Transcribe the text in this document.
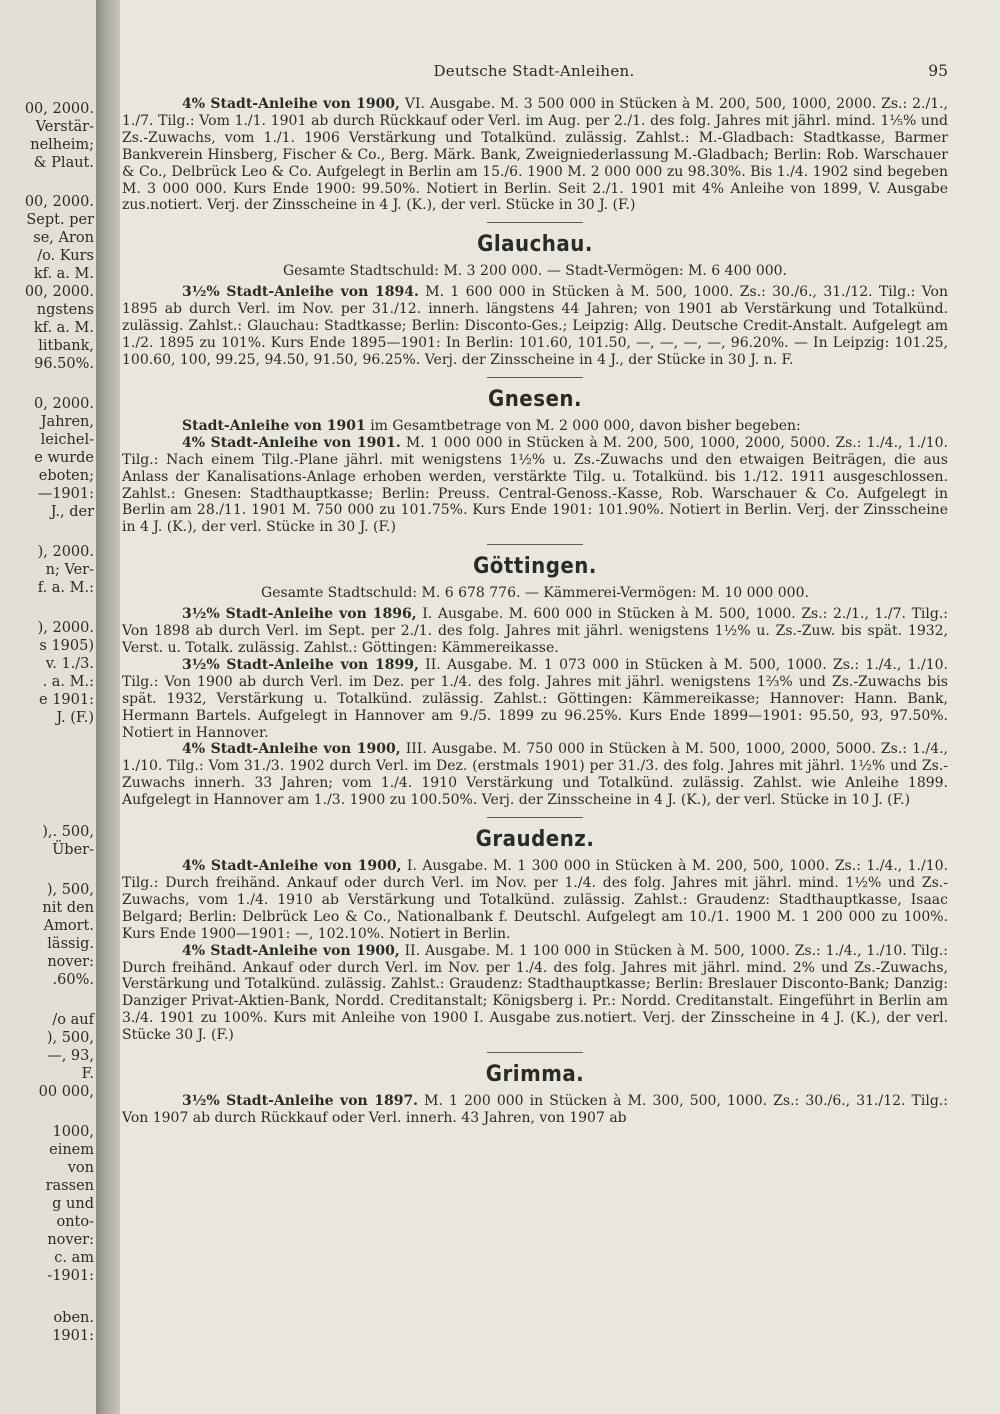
00, 2000.
Verstär-
nelheim;
& Plaut.
00, 2000.
Sept. per
se, Aron
/o. Kurs
kf. a. M.
00, 2000.
ngstens
kf. a. M.
litbank,
96.50%.
0, 2000.
Jahren,
leichel-
e wurde
eboten;
—1901:
J., der
), 2000.
n; Ver-
f. a. M.:
), 2000.
s 1905)
v. 1./3.
. a. M.:
e 1901:
J. (F.)
),. 500,
Über-
), 500,
nit den
Amort.
lässig.
nover:
.60%.
/o auf
), 500,
—, 93,
F.
00 000,
1000,
einem
von
rassen
g und
onto-
nover:
c. am
-1901:
oben.
1901:
Deutsche Stadt-Anleihen.	95

4% Stadt-Anleihe von 1900, VI. Ausgabe. M. 3 500 000 in Stücken à M. 200, 500, 1000, 2000. Zs.: 2./1., 1./7. Tilg.: Vom 1./1. 1901 ab durch Rückkauf oder Verl. im Aug. per 2./1. des folg. Jahres mit jährl. mind. 1⅕% und Zs.-Zuwachs, vom 1./1. 1906 Verstärkung und Totalkünd. zulässig. Zahlst.: M.-Gladbach: Stadtkasse, Barmer Bankverein Hinsberg, Fischer & Co., Berg. Märk. Bank, Zweigniederlassung M.-Gladbach; Berlin: Rob. Warschauer & Co., Delbrück Leo & Co. Aufgelegt in Berlin am 15./6. 1900 M. 2 000 000 zu 98.30%. Bis 1./4. 1902 sind begeben M. 3 000 000. Kurs Ende 1900: 99.50%. Notiert in Berlin. Seit 2./1. 1901 mit 4% Anleihe von 1899, V. Ausgabe zus.notiert. Verj. der Zinsscheine in 4 J. (K.), der verl. Stücke in 30 J. (F.)

Glauchau.
Gesamte Stadtschuld: M. 3 200 000. — Stadt-Vermögen: M. 6 400 000.

3½% Stadt-Anleihe von 1894. M. 1 600 000 in Stücken à M. 500, 1000. Zs.: 30./6., 31./12. Tilg.: Von 1895 ab durch Verl. im Nov. per 31./12. innerh. längstens 44 Jahren; von 1901 ab Verstärkung und Totalkünd. zulässig. Zahlst.: Glauchau: Stadtkasse; Berlin: Disconto-Ges.; Leipzig: Allg. Deutsche Credit-Anstalt. Aufgelegt am 1./2. 1895 zu 101%. Kurs Ende 1895—1901: In Berlin: 101.60, 101.50, —, —, —, —, 96.20%. — In Leipzig: 101.25, 100.60, 100, 99.25, 94.50, 91.50, 96.25%. Verj. der Zinsscheine in 4 J., der Stücke in 30 J. n. F.

Gnesen.

Stadt-Anleihe von 1901 im Gesamtbetrage von M. 2 000 000, davon bisher begeben:

4% Stadt-Anleihe von 1901. M. 1 000 000 in Stücken à M. 200, 500, 1000, 2000, 5000. Zs.: 1./4., 1./10. Tilg.: Nach einem Tilg.-Plane jährl. mit wenigstens 1½% u. Zs.-Zuwachs und den etwaigen Beiträgen, die aus Anlass der Kanalisations-Anlage erhoben werden, verstärkte Tilg. u. Totalkünd. bis 1./12. 1911 ausgeschlossen. Zahlst.: Gnesen: Stadthauptkasse; Berlin: Preuss. Central-Genoss.-Kasse, Rob. Warschauer & Co. Aufgelegt in Berlin am 28./11. 1901 M. 750 000 zu 101.75%. Kurs Ende 1901: 101.90%. Notiert in Berlin. Verj. der Zinsscheine in 4 J. (K.), der verl. Stücke in 30 J. (F.)

Göttingen.
Gesamte Stadtschuld: M. 6 678 776. — Kämmerei-Vermögen: M. 10 000 000.

3½% Stadt-Anleihe von 1896, I. Ausgabe. M. 600 000 in Stücken à M. 500, 1000. Zs.: 2./1., 1./7. Tilg.: Von 1898 ab durch Verl. im Sept. per 2./1. des folg. Jahres mit jährl. wenigstens 1½% u. Zs.-Zuw. bis spät. 1932, Verst. u. Totalk. zulässig. Zahlst.: Göttingen: Kämmereikasse.

3½% Stadt-Anleihe von 1899, II. Ausgabe. M. 1 073 000 in Stücken à M. 500, 1000. Zs.: 1./4., 1./10. Tilg.: Von 1900 ab durch Verl. im Dez. per 1./4. des folg. Jahres mit jährl. wenigstens 1⅔% und Zs.-Zuwachs bis spät. 1932, Verstärkung u. Totalkünd. zulässig. Zahlst.: Göttingen: Kämmereikasse; Hannover: Hann. Bank, Hermann Bartels. Aufgelegt in Hannover am 9./5. 1899 zu 96.25%. Kurs Ende 1899—1901: 95.50, 93, 97.50%. Notiert in Hannover.

4% Stadt-Anleihe von 1900, III. Ausgabe. M. 750 000 in Stücken à M. 500, 1000, 2000, 5000. Zs.: 1./4., 1./10. Tilg.: Vom 31./3. 1902 durch Verl. im Dez. (erstmals 1901) per 31./3. des folg. Jahres mit jährl. 1½% und Zs.-Zuwachs innerh. 33 Jahren; vom 1./4. 1910 Verstärkung und Totalkünd. zulässig. Zahlst. wie Anleihe 1899. Aufgelegt in Hannover am 1./3. 1900 zu 100.50%. Verj. der Zinsscheine in 4 J. (K.), der verl. Stücke in 10 J. (F.)

Graudenz.

4% Stadt-Anleihe von 1900, I. Ausgabe. M. 1 300 000 in Stücken à M. 200, 500, 1000. Zs.: 1./4., 1./10. Tilg.: Durch freihänd. Ankauf oder durch Verl. im Nov. per 1./4. des folg. Jahres mit jährl. mind. 1½% und Zs.-Zuwachs, vom 1./4. 1910 ab Verstärkung und Totalkünd. zulässig. Zahlst.: Graudenz: Stadthauptkasse, Isaac Belgard; Berlin: Delbrück Leo & Co., Nationalbank f. Deutschl. Aufgelegt am 10./1. 1900 M. 1 200 000 zu 100%. Kurs Ende 1900—1901: —, 102.10%. Notiert in Berlin.

4% Stadt-Anleihe von 1900, II. Ausgabe. M. 1 100 000 in Stücken à M. 500, 1000. Zs.: 1./4., 1./10. Tilg.: Durch freihänd. Ankauf oder durch Verl. im Nov. per 1./4. des folg. Jahres mit jährl. mind. 2% und Zs.-Zuwachs, Verstärkung und Totalkünd. zulässig. Zahlst.: Graudenz: Stadthauptkasse; Berlin: Breslauer Disconto-Bank; Danzig: Danziger Privat-Aktien-Bank, Nordd. Creditanstalt; Königsberg i. Pr.: Nordd. Creditanstalt. Eingeführt in Berlin am 3./4. 1901 zu 100%. Kurs mit Anleihe von 1900 I. Ausgabe zus.notiert. Verj. der Zinsscheine in 4 J. (K.), der verl. Stücke 30 J. (F.)

Grimma.

3½% Stadt-Anleihe von 1897. M. 1 200 000 in Stücken à M. 300, 500, 1000. Zs.: 30./6., 31./12. Tilg.: Von 1907 ab durch Rückkauf oder Verl. innerh. 43 Jahren, von 1907 ab
